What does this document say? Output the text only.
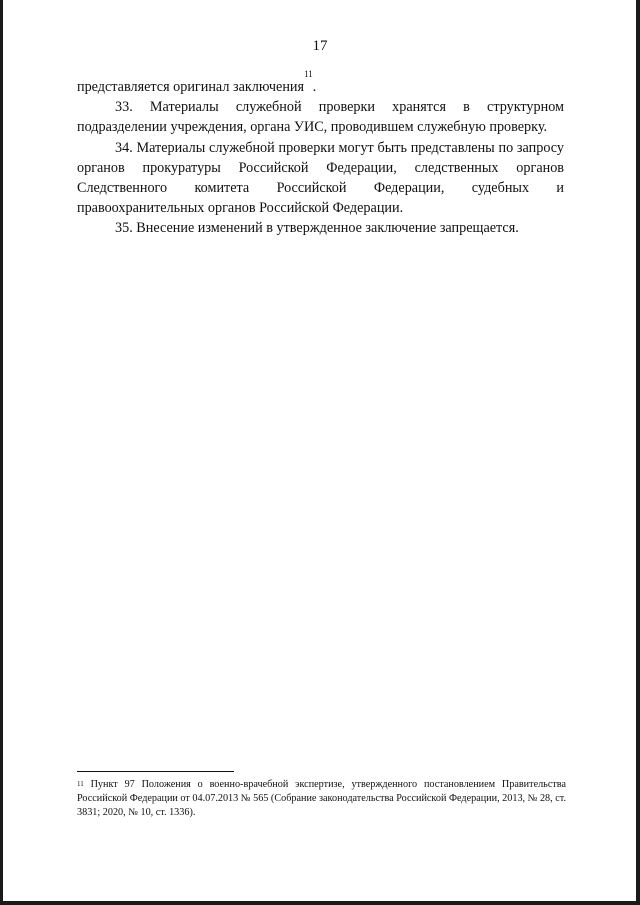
17

представляется оригинал заключения$^{11}$.

33. Материалы служебной проверки хранятся в структурном подразделении учреждения, органа УИС, проводившем служебную проверку.

34. Материалы служебной проверки могут быть представлены по запросу органов прокуратуры Российской Федерации, следственных органов Следственного комитета Российской Федерации, судебных и правоохранительных органов Российской Федерации.

35. Внесение изменений в утвержденное заключение запрещается.

$^{11}$ Пункт 97 Положения о военно-врачебной экспертизе, утвержденного постановлением Правительства Российской Федерации от 04.07.2013 № 565 (Собрание законодательства Российской Федерации, 2013, № 28, ст. 3831; 2020, № 10, ст. 1336).
